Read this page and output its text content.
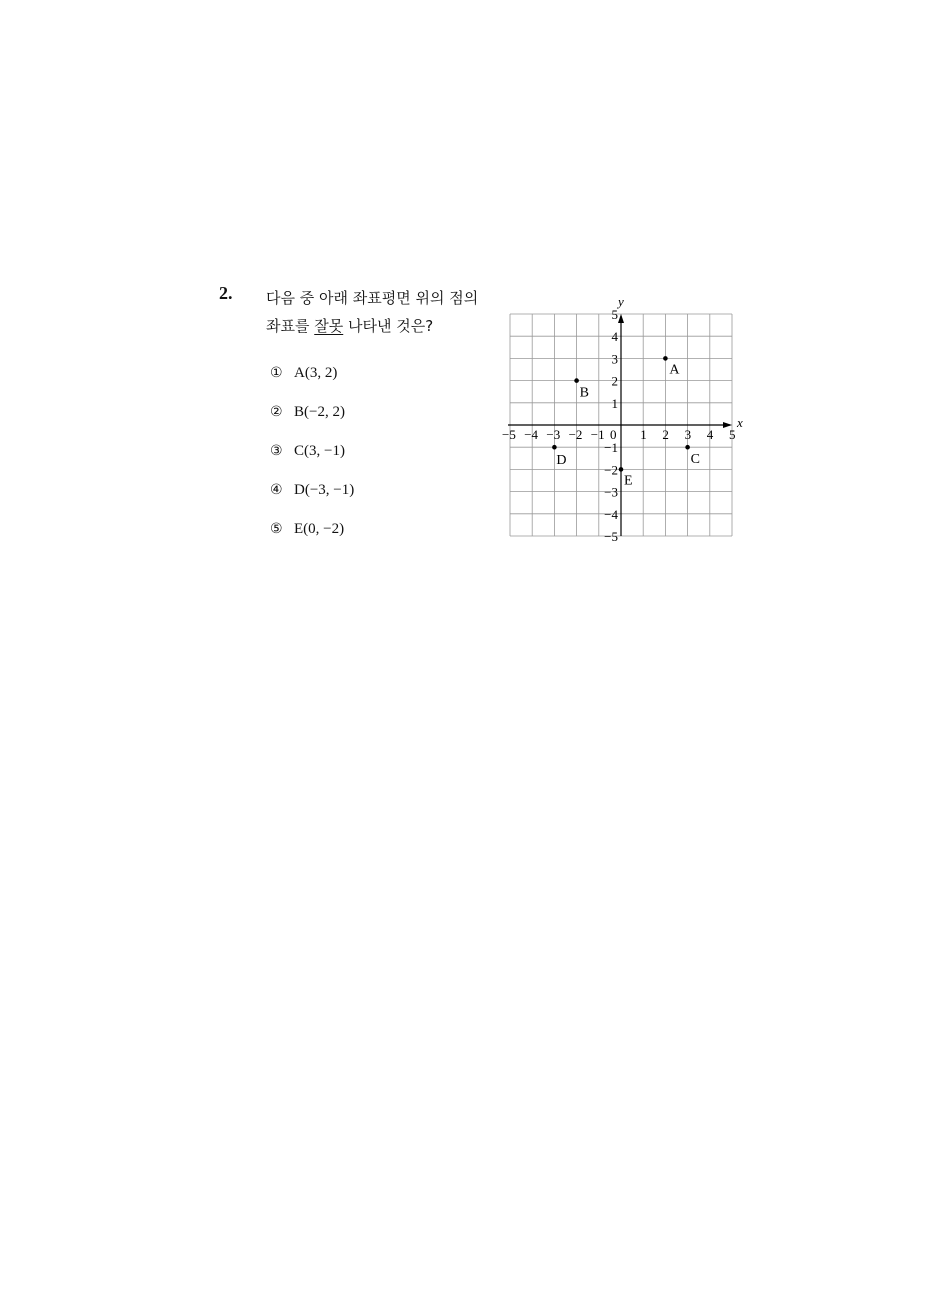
2. 다음 중 아래 좌표평면 위의 점의
좌표를 잘못 나타낸 것은?
① A(3, 2)
② B(−2, 2)
③ C(3, −1)
④ D(−3, −1)
⑤ E(0, −2)
x
y
0
−5 −4 −3 −2 −1	1 2 3 4 5
5
4
3
2
1
−1
−2
−3
−4
−5
A
B
C
D
E
